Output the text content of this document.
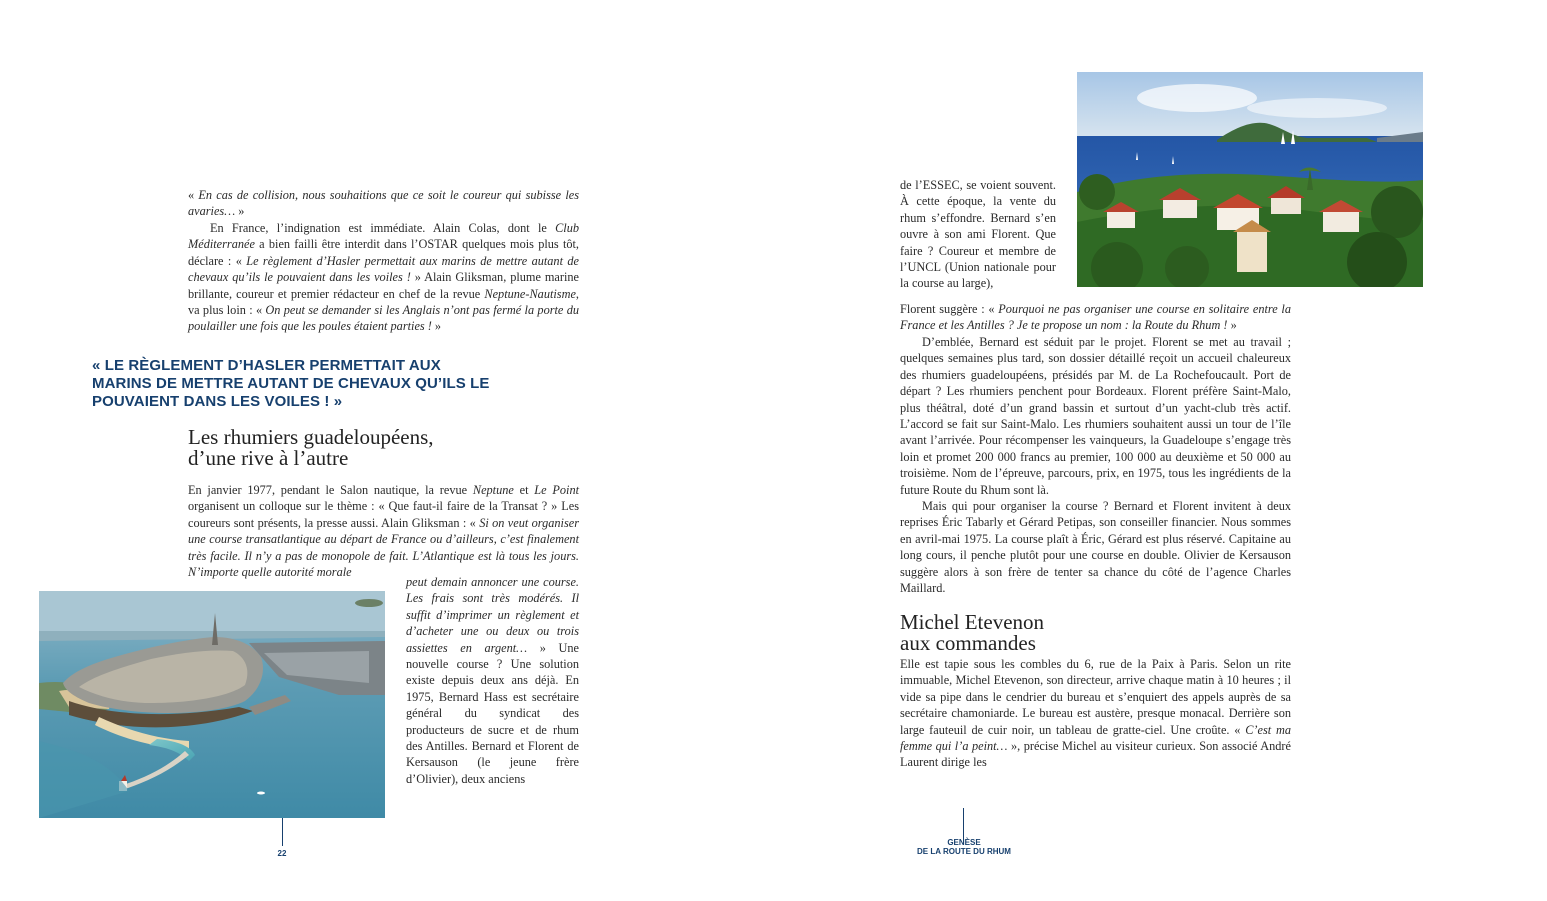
« En cas de collision, nous souhaitions que ce soit le coureur qui subisse les avaries… »

En France, l’indignation est immédiate. Alain Colas, dont le Club Méditerranée a bien failli être interdit dans l’OSTAR quelques mois plus tôt, déclare : « Le règlement d’Hasler permettait aux marins de mettre autant de chevaux qu’ils le pouvaient dans les voiles ! » Alain Gliksman, plume marine brillante, coureur et premier rédacteur en chef de la revue Neptune-Nautisme, va plus loin : « On peut se demander si les Anglais n’ont pas fermé la porte du poulailler une fois que les poules étaient parties ! »

« LE RÈGLEMENT D’HASLER PERMETTAIT AUX MARINS DE METTRE AUTANT DE CHEVAUX QU’ILS LE POUVAIENT DANS LES VOILES ! »

Les rhumiers guadeloupéens,
d’une rive à l’autre

En janvier 1977, pendant le Salon nautique, la revue Neptune et Le Point organisent un colloque sur le thème : « Que faut-il faire de la Transat ? » Les coureurs sont présents, la presse aussi. Alain Gliksman : « Si on veut organiser une course transatlantique au départ de France ou d’ailleurs, c’est finalement très facile. Il n’y a pas de monopole de fait. L’Atlantique est là tous les jours. N’importe quelle autorité morale

peut demain annoncer une course. Les frais sont très modérés. Il suffit d’imprimer un règlement et d’acheter une ou deux ou trois assiettes en argent… » Une nouvelle course ? Une solution existe depuis deux ans déjà. En 1975, Bernard Hass est secrétaire général du syndicat des producteurs de sucre et de rhum des Antilles. Bernard et Florent de Kersauson (le jeune frère d’Olivier), deux anciens

22

de l’ESSEC, se voient souvent. À cette époque, la vente du rhum s’effondre. Bernard s’en ouvre à son ami Florent. Que faire ? Coureur et membre de l’UNCL (Union nationale pour la course au large),

Florent suggère : « Pourquoi ne pas organiser une course en solitaire entre la France et les Antilles ? Je te propose un nom : la Route du Rhum ! »

D’emblée, Bernard est séduit par le projet. Florent se met au travail ; quelques semaines plus tard, son dossier détaillé reçoit un accueil chaleureux des rhumiers guadeloupéens, présidés par M. de La Rochefoucault. Port de départ ? Les rhumiers penchent pour Bordeaux. Florent préfère Saint-Malo, plus théâtral, doté d’un grand bassin et surtout d’un yacht-club très actif. L’accord se fait sur Saint-Malo. Les rhumiers souhaitent aussi un tour de l’île avant l’arrivée. Pour récompenser les vainqueurs, la Guadeloupe s’engage très loin et promet 200 000 francs au premier, 100 000 au deuxième et 50 000 au troisième. Nom de l’épreuve, parcours, prix, en 1975, tous les ingrédients de la future Route du Rhum sont là.

Mais qui pour organiser la course ? Bernard et Florent invitent à deux reprises Éric Tabarly et Gérard Petipas, son conseiller financier. Nous sommes en avril-mai 1975. La course plaît à Éric, Gérard est plus réservé. Capitaine au long cours, il penche plutôt pour une course en double. Olivier de Kersauson suggère alors à son frère de tenter sa chance du côté de l’agence Charles Maillard.

Michel Etevenon
aux commandes

Elle est tapie sous les combles du 6, rue de la Paix à Paris. Selon un rite immuable, Michel Etevenon, son directeur, arrive chaque matin à 10 heures ; il vide sa pipe dans le cendrier du bureau et s’enquiert des appels auprès de sa secrétaire chamoniarde. Le bureau est austère, presque monacal. Derrière son large fauteuil de cuir noir, un tableau de gratte-ciel. Une croûte. « C’est ma femme qui l’a peint… », précise Michel au visiteur curieux. Son associé André Laurent dirige les

GENÈSE
DE LA ROUTE DU RHUM
